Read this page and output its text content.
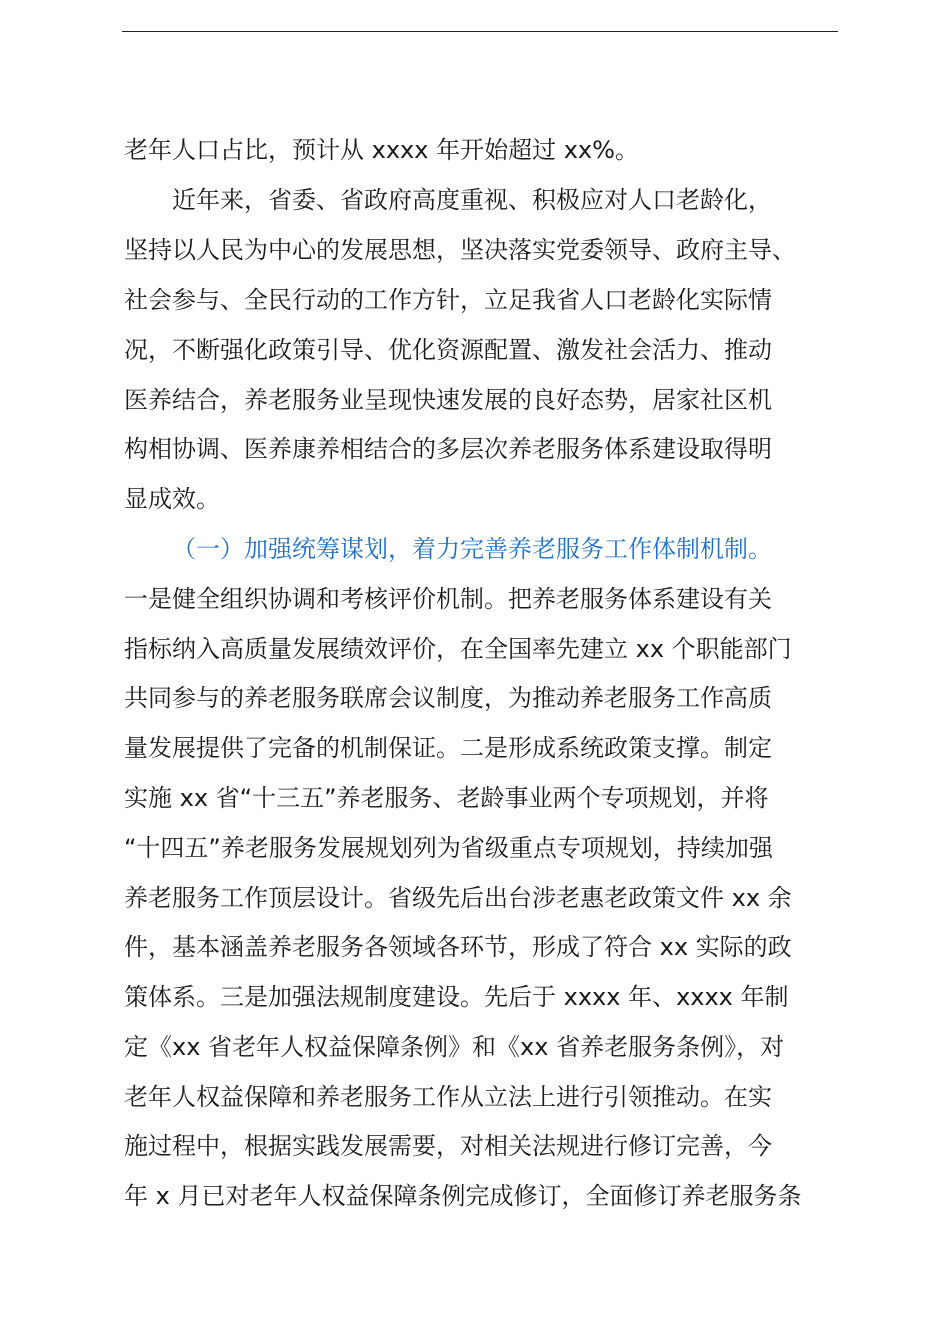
老年人口占比，预计从 xxxx 年开始超过 xx%。
近年来，省委、省政府高度重视、积极应对人口老龄化，
坚持以人民为中心的发展思想，坚决落实党委领导、政府主导、
社会参与、全民行动的工作方针，立足我省人口老龄化实际情
况，不断强化政策引导、优化资源配置、激发社会活力、推动
医养结合，养老服务业呈现快速发展的良好态势，居家社区机
构相协调、医养康养相结合的多层次养老服务体系建设取得明
显成效。
（一）加强统筹谋划，着力完善养老服务工作体制机制。
一是健全组织协调和考核评价机制。把养老服务体系建设有关
指标纳入高质量发展绩效评价，在全国率先建立 xx 个职能部门
共同参与的养老服务联席会议制度，为推动养老服务工作高质
量发展提供了完备的机制保证。二是形成系统政策支撑。制定
实施 xx 省“十三五”养老服务、老龄事业两个专项规划，并将
“十四五”养老服务发展规划列为省级重点专项规划，持续加强
养老服务工作顶层设计。省级先后出台涉老惠老政策文件 xx 余
件，基本涵盖养老服务各领域各环节，形成了符合 xx 实际的政
策体系。三是加强法规制度建设。先后于 xxxx 年、xxxx 年制
定《xx 省老年人权益保障条例》和《xx 省养老服务条例》，对
老年人权益保障和养老服务工作从立法上进行引领推动。在实
施过程中，根据实践发展需要，对相关法规进行修订完善，今
年 x 月已对老年人权益保障条例完成修订，全面修订养老服务条
